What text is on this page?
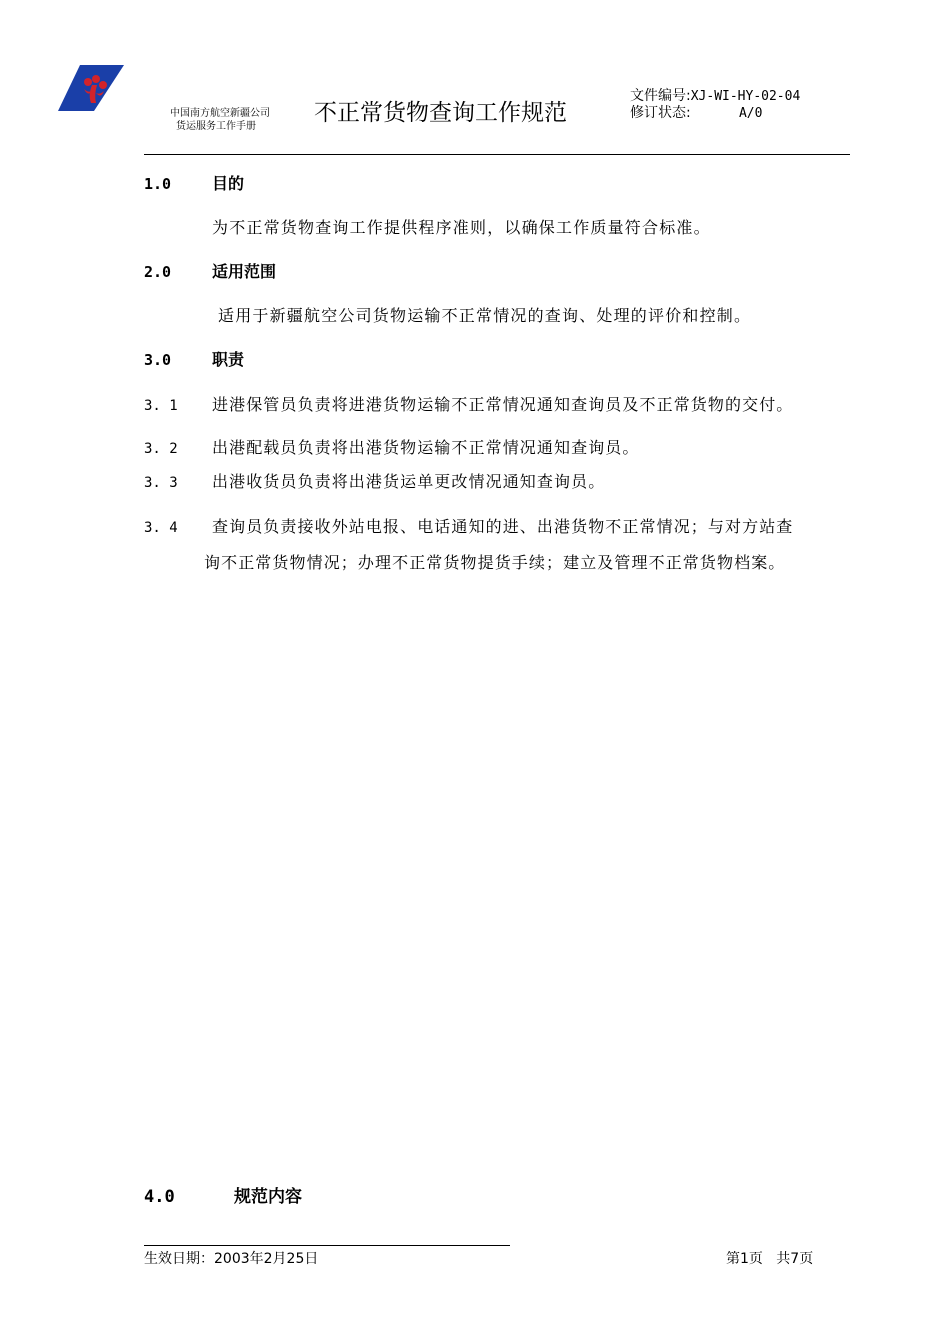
中国南方航空新疆公司
货运服务工作手册
不正常货物查询工作规范
文件编号:XJ-WI-HY-02-04
修订状态:	A/0
1.0	目的
为不正常货物查询工作提供程序准则，以确保工作质量符合标准。
2.0	适用范围
适用于新疆航空公司货物运输不正常情况的查询、处理的评价和控制。
3.0	职责
3. 1 进港保管员负责将进港货物运输不正常情况通知查询员及不正常货物的交付。
3. 2 出港配载员负责将出港货物运输不正常情况通知查询员。
3. 3 出港收货员负责将出港货运单更改情况通知查询员。
3. 4 查询员负责接收外站电报、电话通知的进、出港货物不正常情况；与对方站查
询不正常货物情况；办理不正常货物提货手续；建立及管理不正常货物档案。
4.0	规范内容
生效日期：2003年2月25日	第1页 共7页
